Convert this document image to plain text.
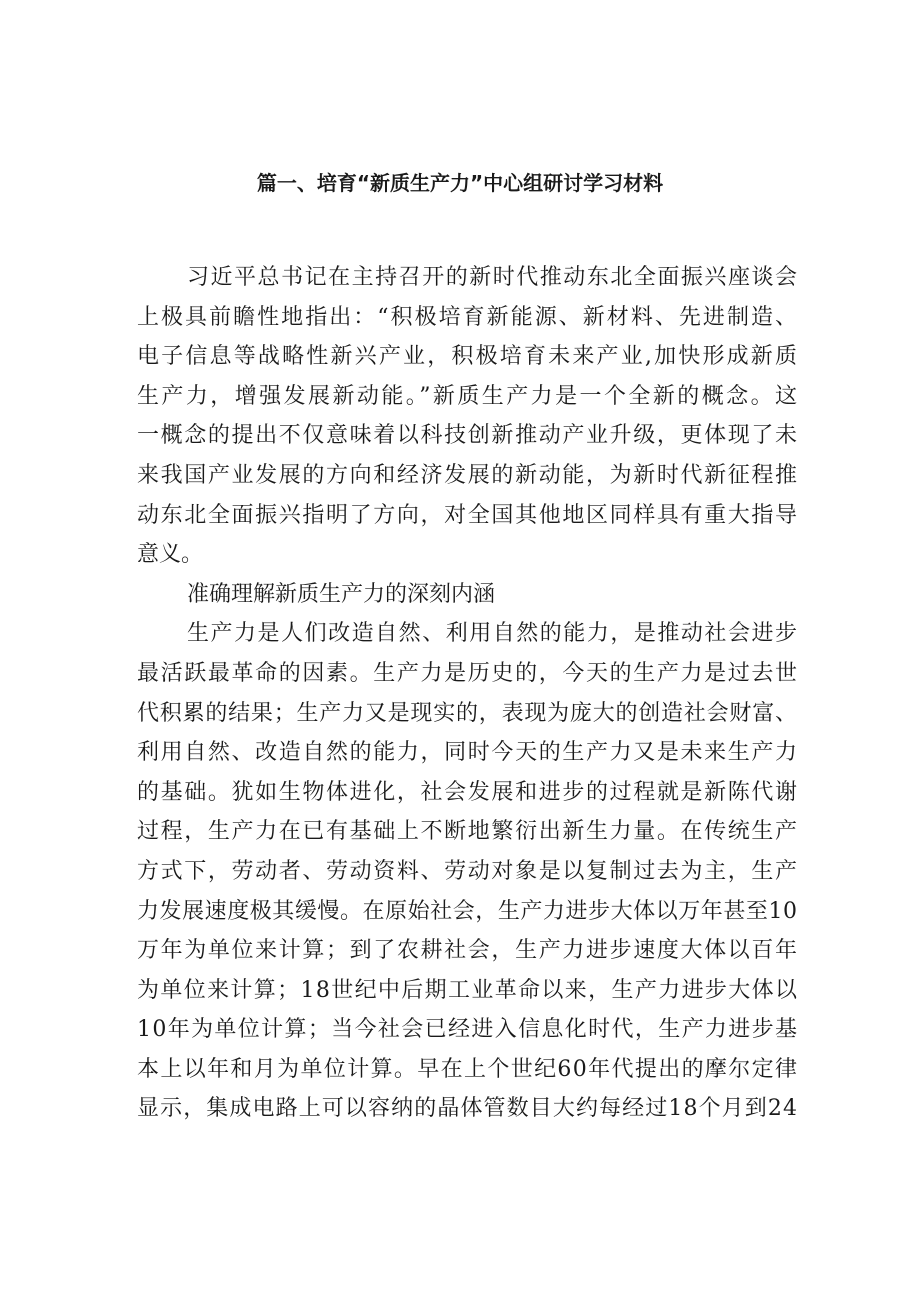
篇一、培育“新质生产力”中心组研讨学习材料
习近平总书记在主持召开的新时代推动东北全面振兴座谈会
上极具前瞻性地指出：“积极培育新能源、新材料、先进制造、
电子信息等战略性新兴产业，积极培育未来产业,加快形成新质
生产力，增强发展新动能。”新质生产力是一个全新的概念。这
一概念的提出不仅意味着以科技创新推动产业升级，更体现了未
来我国产业发展的方向和经济发展的新动能，为新时代新征程推
动东北全面振兴指明了方向，对全国其他地区同样具有重大指导
意义。
准确理解新质生产力的深刻内涵
生产力是人们改造自然、利用自然的能力，是推动社会进步
最活跃最革命的因素。生产力是历史的，今天的生产力是过去世
代积累的结果；生产力又是现实的，表现为庞大的创造社会财富、
利用自然、改造自然的能力，同时今天的生产力又是未来生产力
的基础。犹如生物体进化，社会发展和进步的过程就是新陈代谢
过程，生产力在已有基础上不断地繁衍出新生力量。在传统生产
方式下，劳动者、劳动资料、劳动对象是以复制过去为主，生产
力发展速度极其缓慢。在原始社会，生产力进步大体以万年甚至10
万年为单位来计算；到了农耕社会，生产力进步速度大体以百年
为单位来计算；18世纪中后期工业革命以来，生产力进步大体以
10年为单位计算；当今社会已经进入信息化时代，生产力进步基
本上以年和月为单位计算。早在上个世纪60年代提出的摩尔定律
显示，集成电路上可以容纳的晶体管数目大约每经过18个月到24
